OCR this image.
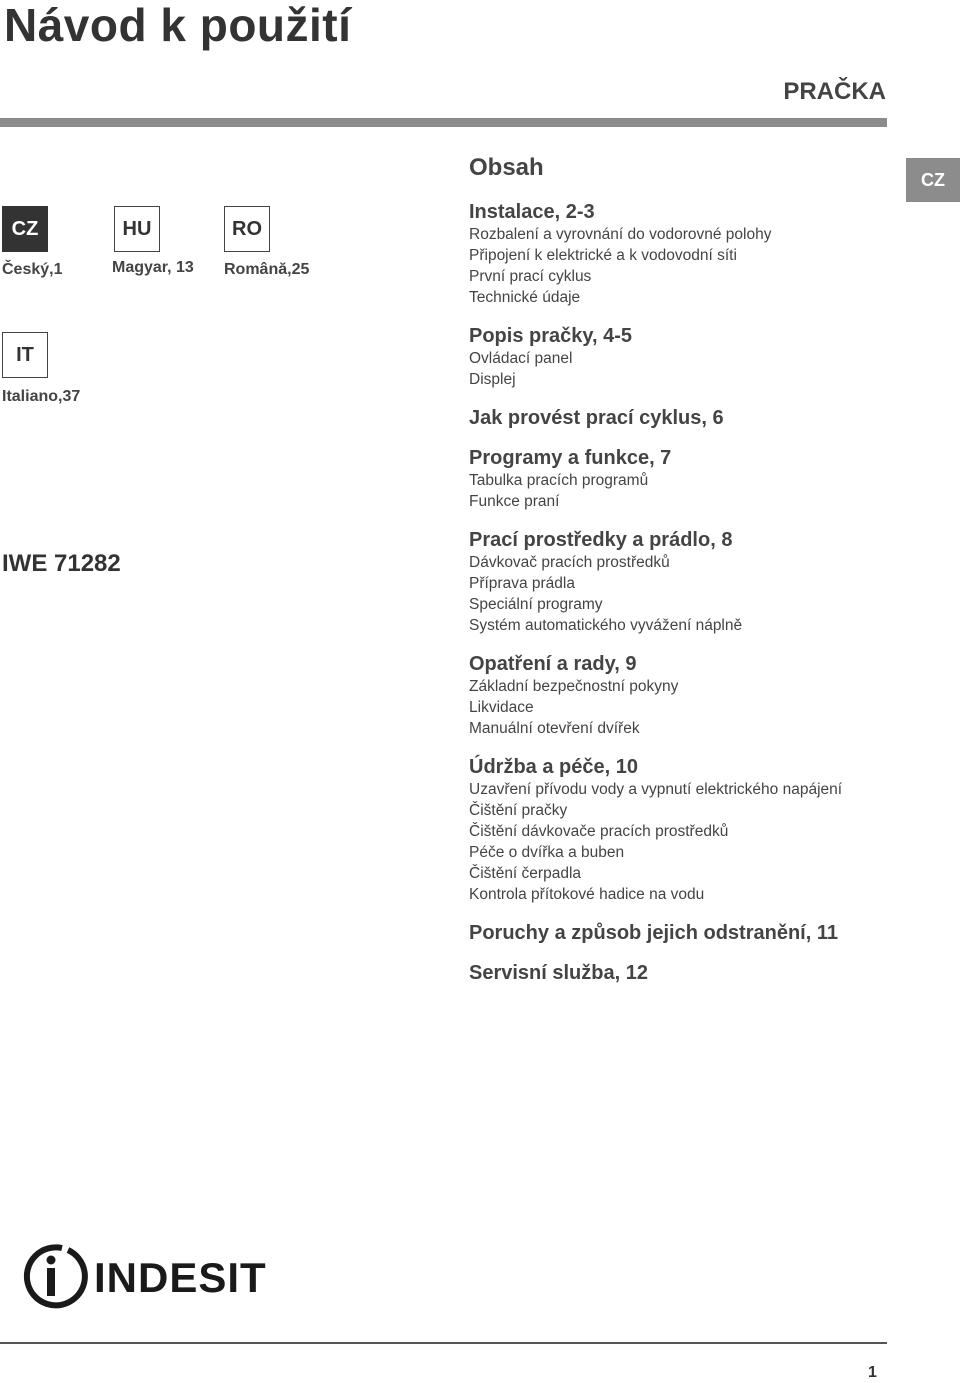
Návod k použití
PRAČKA
CZ
CZ
Český,1
HU
Magyar, 13
RO
Română,25
IT
Italiano,37
IWE 71282
Obsah
Instalace, 2-3
Rozbalení a vyrovnání do vodorovné polohy
Připojení k elektrické a k vodovodní síti
První prací cyklus
Technické údaje
Popis pračky, 4-5
Ovládací panel
Displej
Jak provést prací cyklus, 6
Programy a funkce, 7
Tabulka pracích programů
Funkce praní
Prací prostředky a prádlo, 8
Dávkovač pracích prostředků
Příprava prádla
Speciální programy
Systém automatického vyvážení náplně
Opatření a rady, 9
Základní bezpečnostní pokyny
Likvidace
Manuální otevření dvířek
Údržba a péče, 10
Uzavření přívodu vody a vypnutí elektrického napájení
Čištění pračky
Čištění dávkovače pracích prostředků
Péče o dvířka a buben
Čištění čerpadla
Kontrola přítokové hadice na vodu
Poruchy a způsob jejich odstranění, 11
Servisní služba, 12
INDESIT
1
